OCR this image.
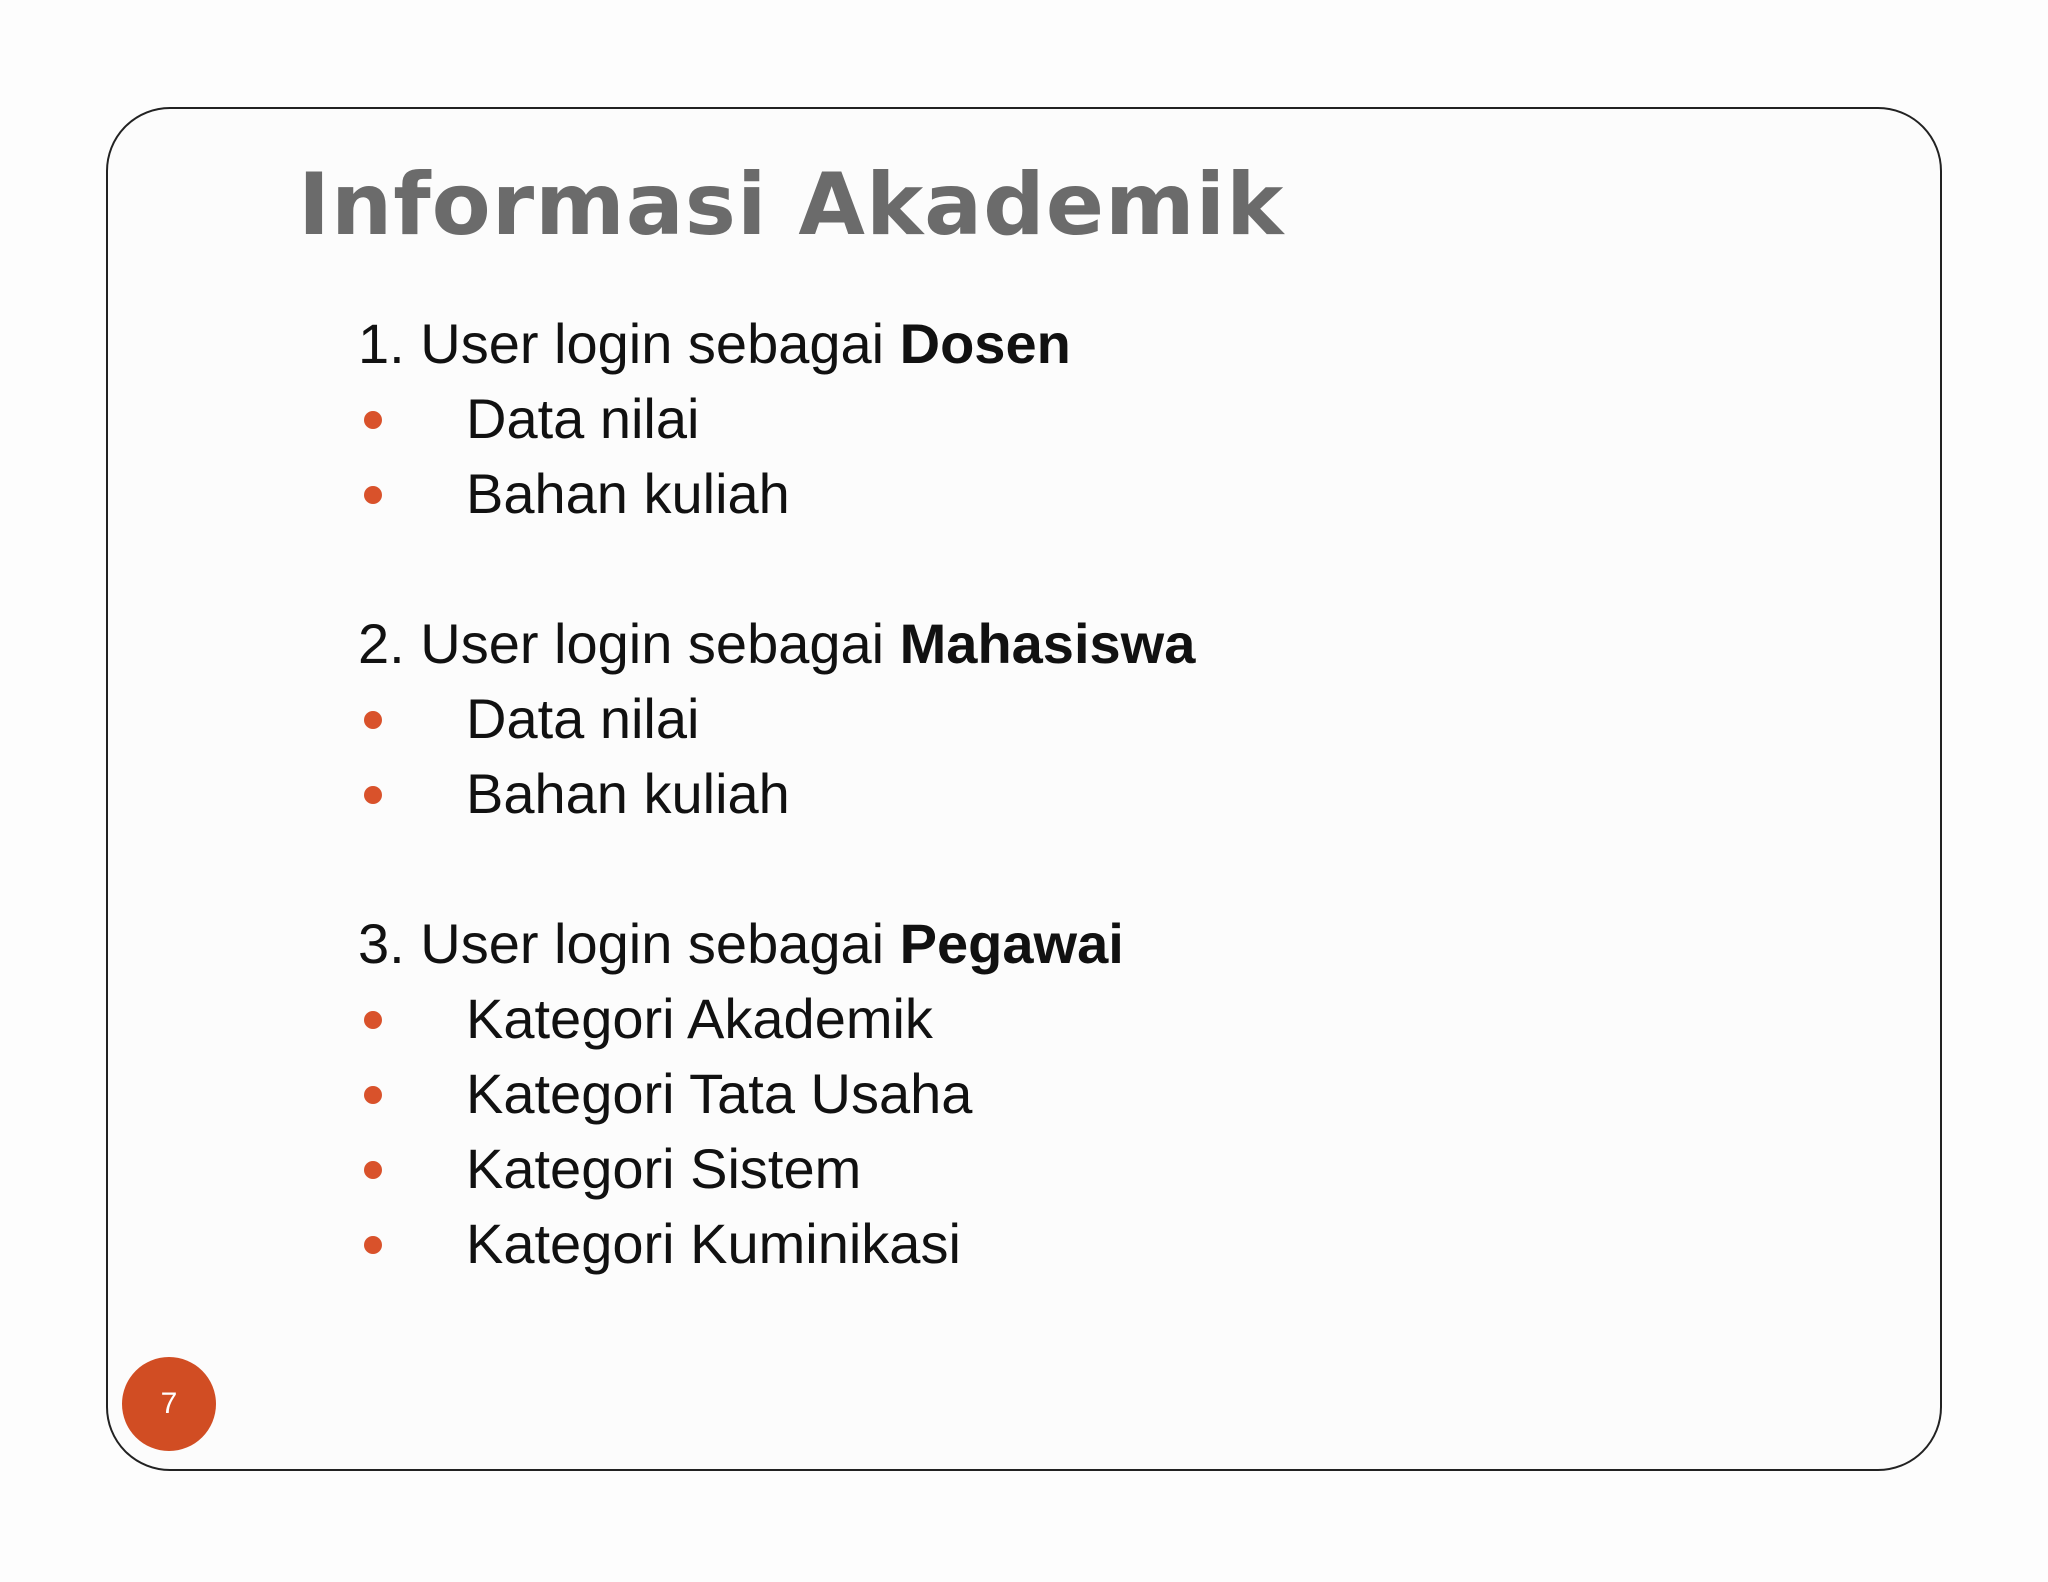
Informasi Akademik
1. User login sebagai Dosen
Data nilai
Bahan kuliah
2. User login sebagai Mahasiswa
Data nilai
Bahan kuliah
3. User login sebagai Pegawai
Kategori Akademik
Kategori Tata Usaha
Kategori Sistem
Kategori Kuminikasi
7
